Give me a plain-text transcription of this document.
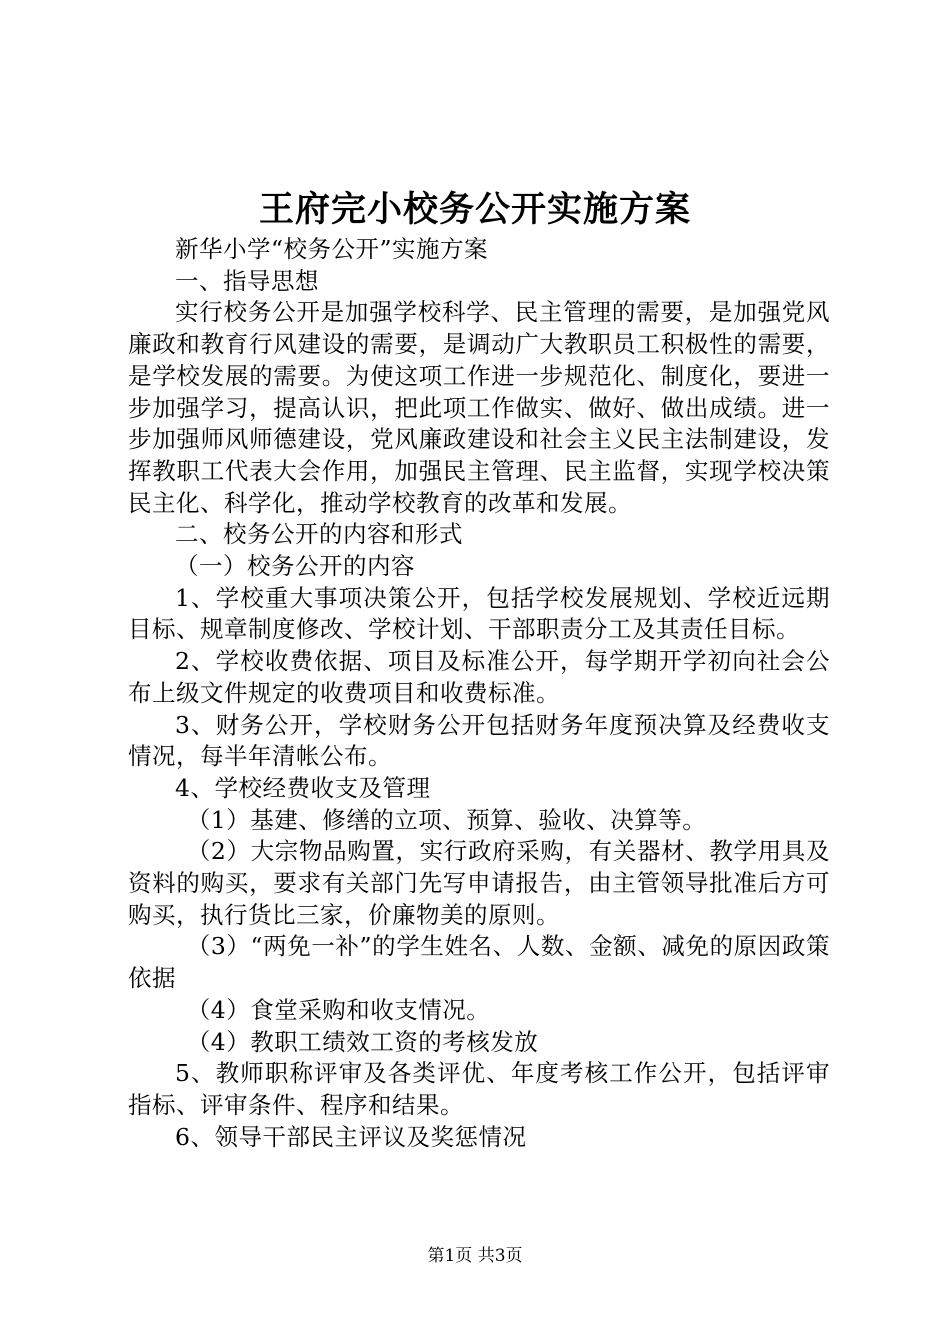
王府完小校务公开实施方案

新华小学“校务公开”实施方案

一、指导思想

实行校务公开是加强学校科学、民主管理的需要，是加强党风廉政和教育行风建设的需要，是调动广大教职员工积极性的需要，是学校发展的需要。为使这项工作进一步规范化、制度化，要进一步加强学习，提高认识，把此项工作做实、做好、做出成绩。进一步加强师风师德建设，党风廉政建设和社会主义民主法制建设，发挥教职工代表大会作用，加强民主管理、民主监督，实现学校决策民主化、科学化，推动学校教育的改革和发展。

二、校务公开的内容和形式

（一）校务公开的内容

1、学校重大事项决策公开，包括学校发展规划、学校近远期目标、规章制度修改、学校计划、干部职责分工及其责任目标。

2、学校收费依据、项目及标准公开，每学期开学初向社会公布上级文件规定的收费项目和收费标准。

3、财务公开，学校财务公开包括财务年度预决算及经费收支情况，每半年清帐公布。

4、学校经费收支及管理

（1）基建、修缮的立项、预算、验收、决算等。

（2）大宗物品购置，实行政府采购，有关器材、教学用具及资料的购买，要求有关部门先写申请报告，由主管领导批准后方可购买，执行货比三家，价廉物美的原则。

（3）“两免一补”的学生姓名、人数、金额、减免的原因政策依据

（4）食堂采购和收支情况。

（4）教职工绩效工资的考核发放

5、教师职称评审及各类评优、年度考核工作公开，包括评审指标、评审条件、程序和结果。

6、领导干部民主评议及奖惩情况

第1页 共3页
